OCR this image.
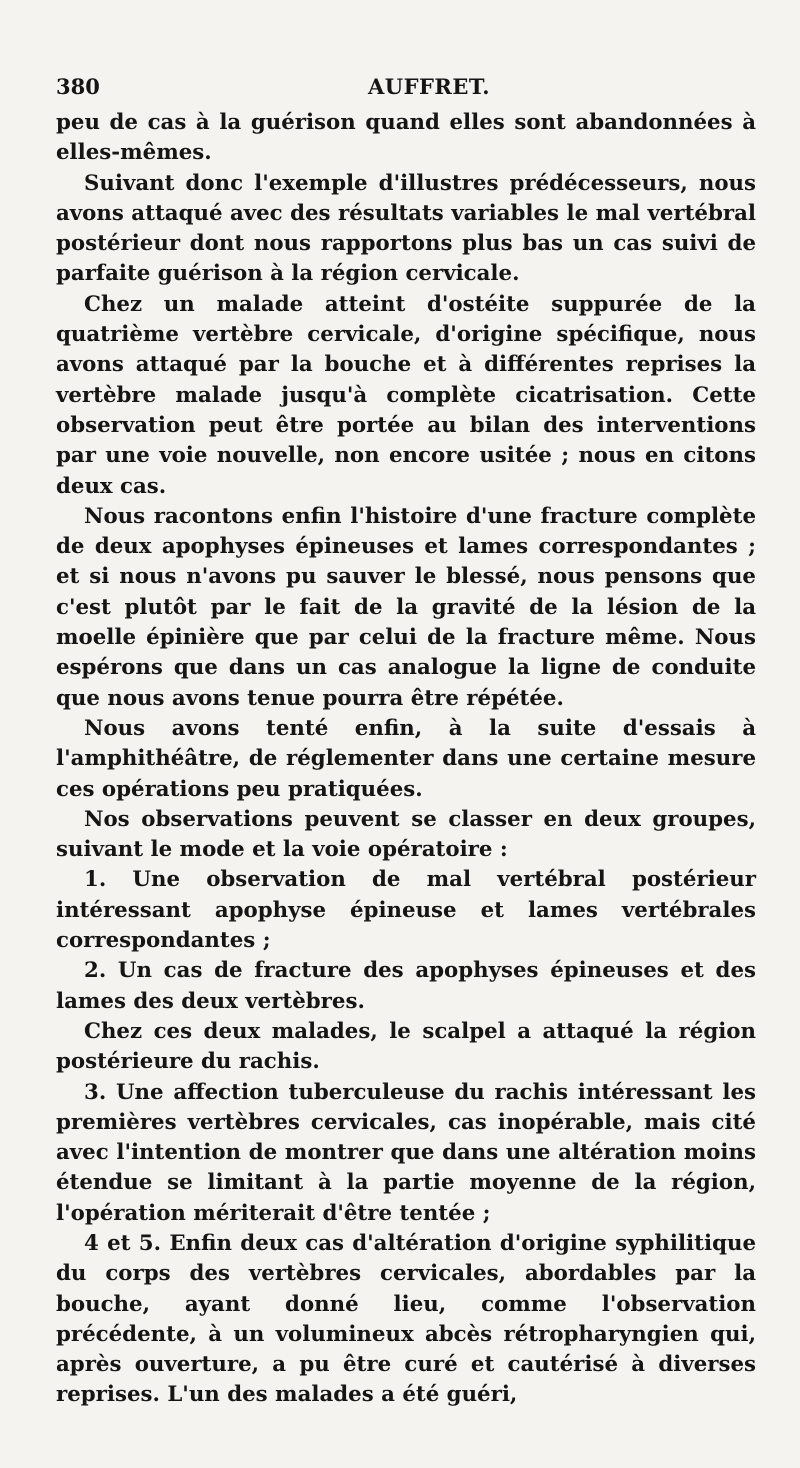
380	AUFFRET.

peu de cas à la guérison quand elles sont abandonnées à elles-mêmes.

Suivant donc l'exemple d'illustres prédécesseurs, nous avons attaqué avec des résultats variables le mal vertébral postérieur dont nous rapportons plus bas un cas suivi de parfaite guérison à la région cervicale.

Chez un malade atteint d'ostéite suppurée de la quatrième vertèbre cervicale, d'origine spécifique, nous avons attaqué par la bouche et à différentes reprises la vertèbre malade jusqu'à complète cicatrisation. Cette observation peut être portée au bilan des interventions par une voie nouvelle, non encore usitée ; nous en citons deux cas.

Nous racontons enfin l'histoire d'une fracture complète de deux apophyses épineuses et lames correspondantes ; et si nous n'avons pu sauver le blessé, nous pensons que c'est plutôt par le fait de la gravité de la lésion de la moelle épinière que par celui de la fracture même. Nous espérons que dans un cas analogue la ligne de conduite que nous avons tenue pourra être répétée.

Nous avons tenté enfin, à la suite d'essais à l'amphithéâtre, de réglementer dans une certaine mesure ces opérations peu pratiquées.

Nos observations peuvent se classer en deux groupes, suivant le mode et la voie opératoire :

1. Une observation de mal vertébral postérieur intéressant apophyse épineuse et lames vertébrales correspondantes ;

2. Un cas de fracture des apophyses épineuses et des lames des deux vertèbres.

Chez ces deux malades, le scalpel a attaqué la région postérieure du rachis.

3. Une affection tuberculeuse du rachis intéressant les premières vertèbres cervicales, cas inopérable, mais cité avec l'intention de montrer que dans une altération moins étendue se limitant à la partie moyenne de la région, l'opération mériterait d'être tentée ;

4 et 5. Enfin deux cas d'altération d'origine syphilitique du corps des vertèbres cervicales, abordables par la bouche, ayant donné lieu, comme l'observation précédente, à un volumineux abcès rétropharyngien qui, après ouverture, a pu être curé et cautérisé à diverses reprises. L'un des malades a été guéri,
